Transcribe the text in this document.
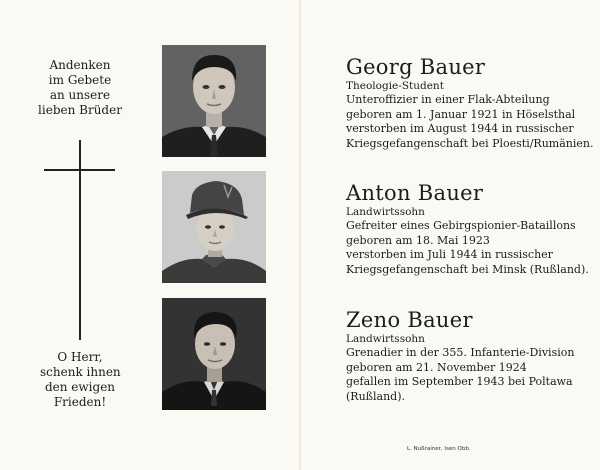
Andenken
im Gebete
an unsere
lieben Brüder
O Herr,
schenk ihnen
den ewigen
Frieden!
Georg Bauer
Theologie-Student
Unteroffizier in einer Flak-Abteilung
geboren am 1. Januar 1921 in Höselsthal
verstorben im August 1944 in russischer
Kriegsgefangenschaft bei Ploesti/Rumänien.
Anton Bauer
Landwirtssohn
Gefreiter eines Gebirgspionier-Bataillons
geboren am 18. Mai 1923
verstorben im Juli 1944 in russischer
Kriegsgefangenschaft bei Minsk (Rußland).
Zeno Bauer
Landwirtssohn
Grenadier in der 355. Infanterie-Division
geboren am 21. November 1924
gefallen im September 1943 bei Poltawa
(Rußland).
L. Nußrainer, Isen Obb.
